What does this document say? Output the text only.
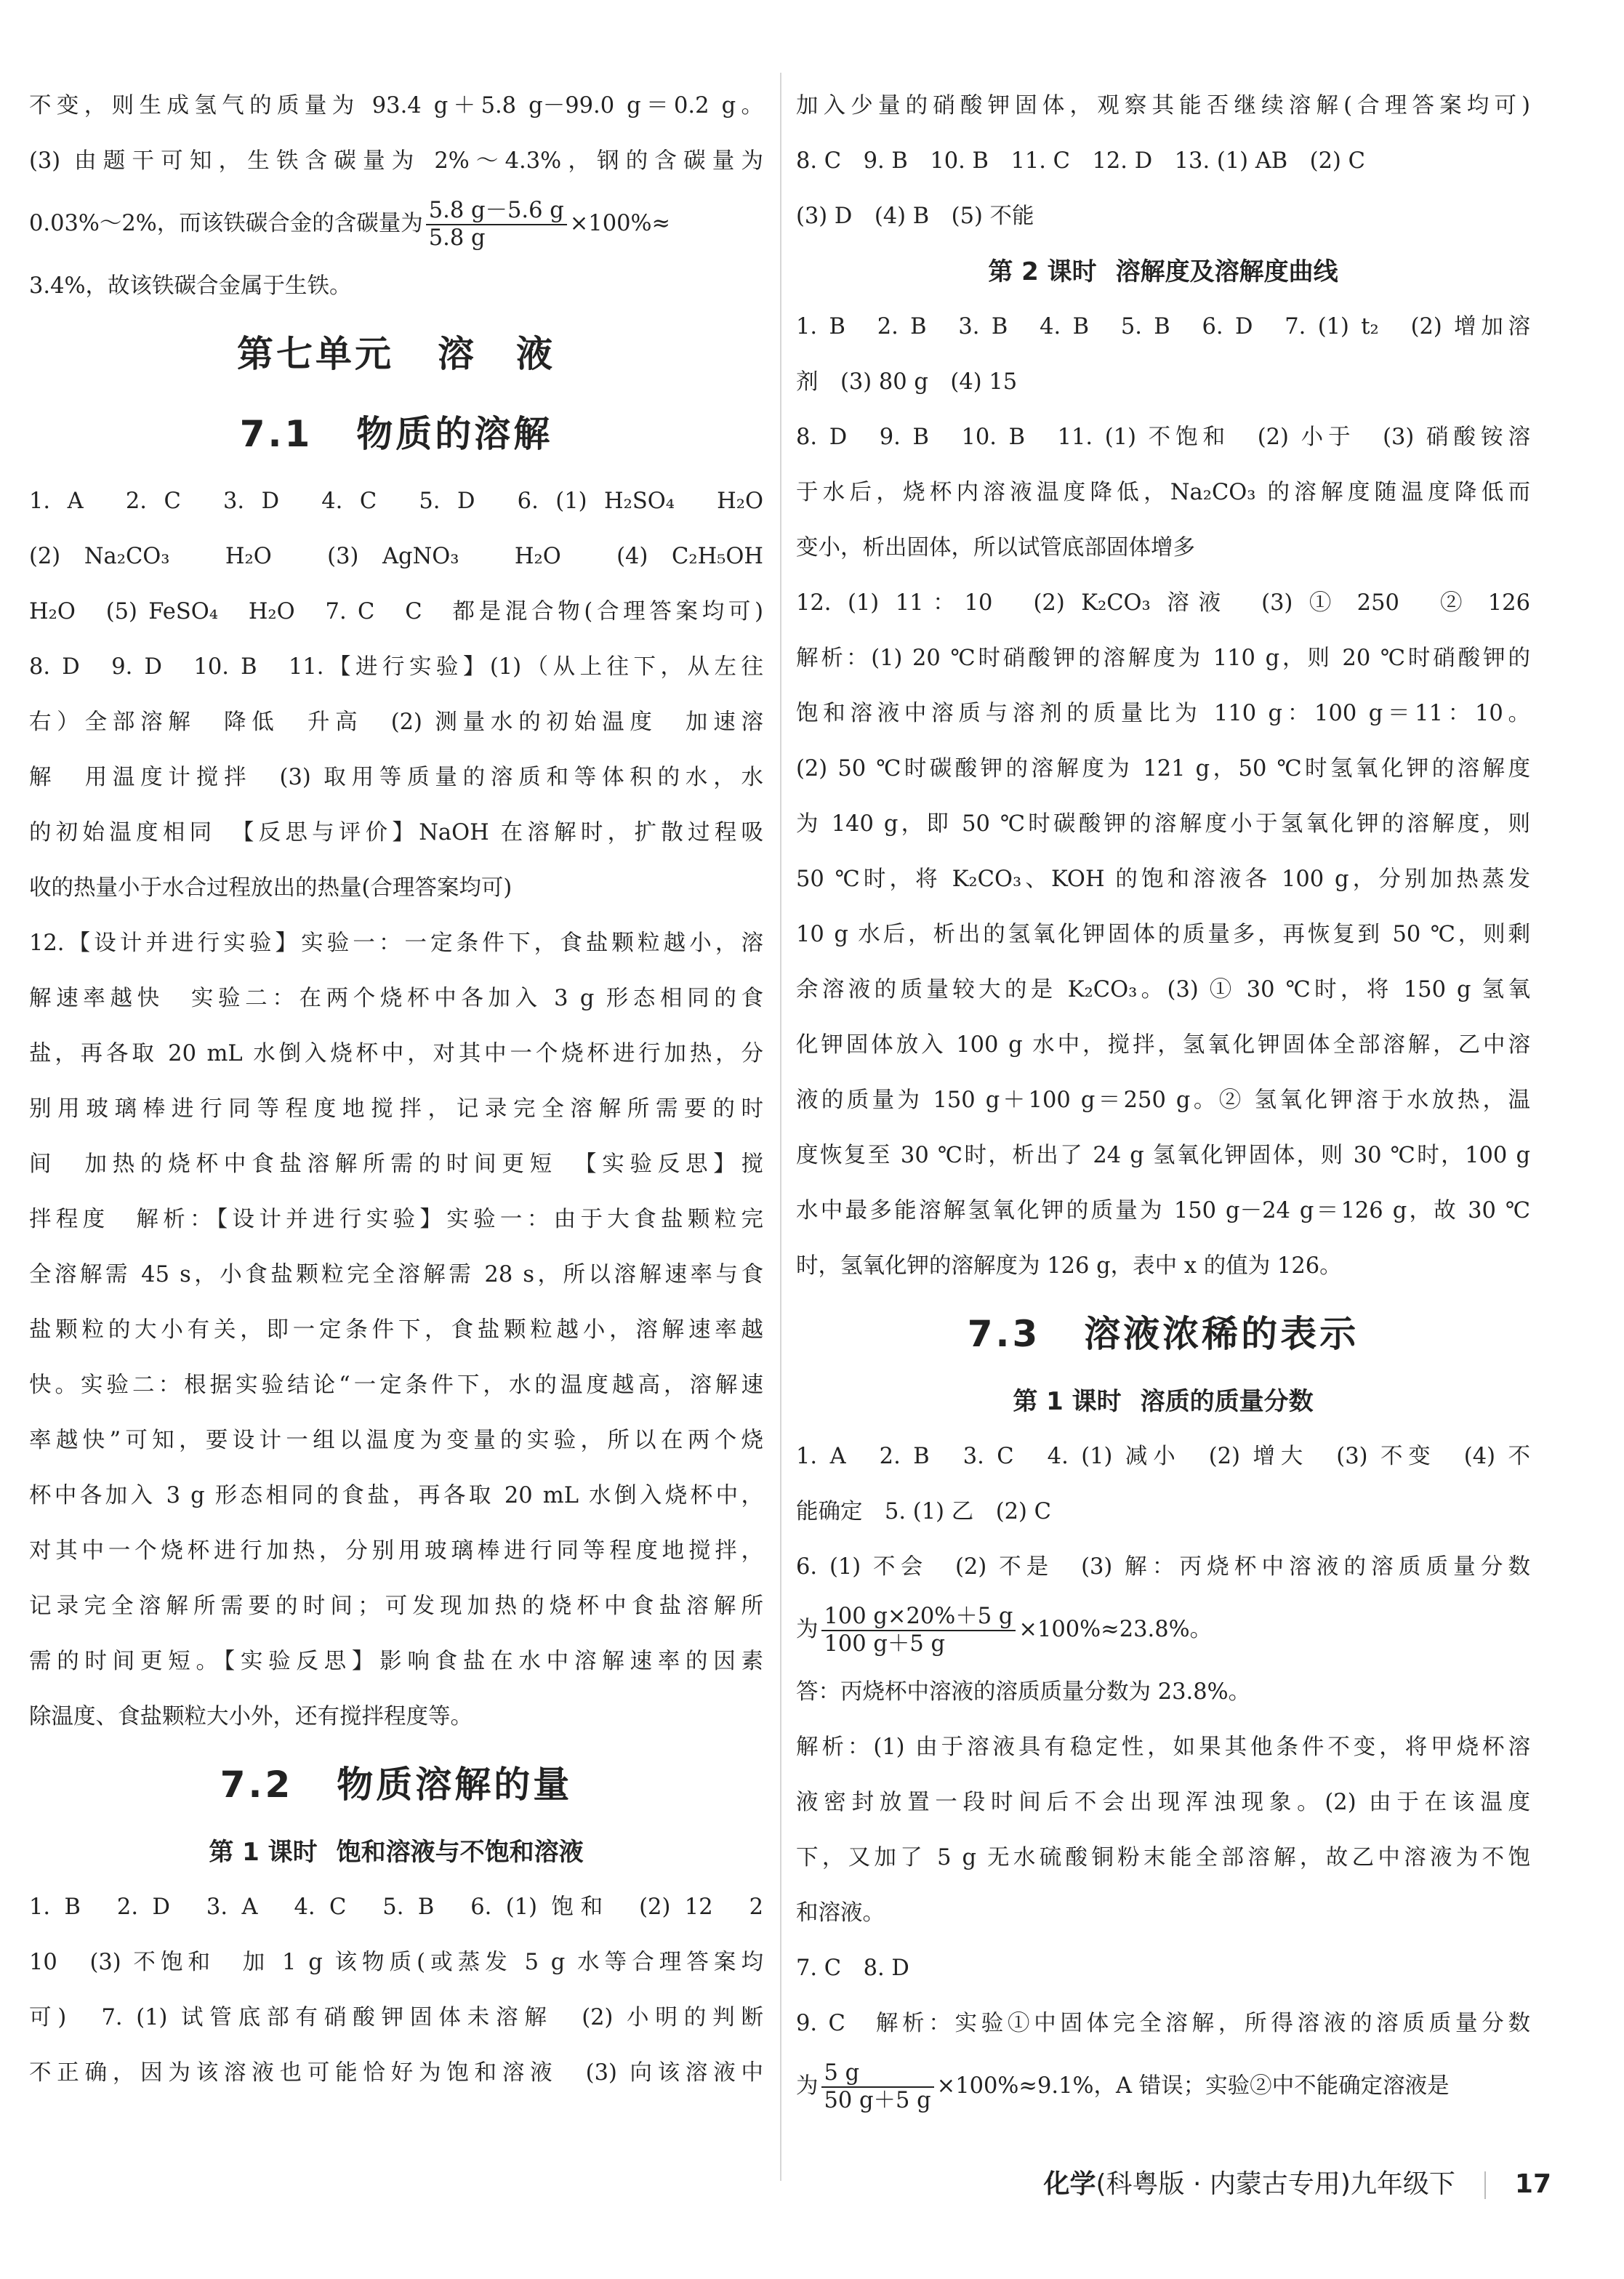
不变，则生成氢气的质量为 93.4 g＋5.8 g－99.0 g＝0.2 g。

(3) 由题干可知，生铁含碳量为 2%～4.3%，钢的含碳量为

0.03%～2%，而该铁碳合金的含碳量为 $\frac{5.8 g-5.6 g}{5.8 g} \times 100\%\approx$

3.4%，故该铁碳合金属于生铁。

第七单元 溶　液
7.1 物质的溶解

1. A　2. C　3. D　4. C　5. D　6. (1) H₂SO₄　H₂O

(2) Na₂CO₃　H₂O　(3) AgNO₃　H₂O　(4) C₂H₅OH

H₂O　(5) FeSO₄　H₂O　7. C　C　都是混合物(合理答案均可)

8. D　9. D　10. B　11.【进行实验】(1)（从上往下，从左往

右）全部溶解　降低　升高　(2) 测量水的初始温度　加速溶

解　用温度计搅拌　(3) 取用等质量的溶质和等体积的水，水

的初始温度相同　【反思与评价】NaOH 在溶解时，扩散过程吸

收的热量小于水合过程放出的热量(合理答案均可)

12.【设计并进行实验】实验一：一定条件下，食盐颗粒越小，溶

解速率越快　实验二：在两个烧杯中各加入 3 g 形态相同的食

盐，再各取 20 mL 水倒入烧杯中，对其中一个烧杯进行加热，分

别用玻璃棒进行同等程度地搅拌，记录完全溶解所需要的时

间　加热的烧杯中食盐溶解所需的时间更短　【实验反思】搅

拌程度　解析：【设计并进行实验】实验一：由于大食盐颗粒完

全溶解需 45 s，小食盐颗粒完全溶解需 28 s，所以溶解速率与食

盐颗粒的大小有关，即一定条件下，食盐颗粒越小，溶解速率越

快。实验二：根据实验结论“一定条件下，水的温度越高，溶解速

率越快”可知，要设计一组以温度为变量的实验，所以在两个烧

杯中各加入 3 g 形态相同的食盐，再各取 20 mL 水倒入烧杯中，

对其中一个烧杯进行加热，分别用玻璃棒进行同等程度地搅拌，

记录完全溶解所需要的时间；可发现加热的烧杯中食盐溶解所

需的时间更短。【实验反思】影响食盐在水中溶解速率的因素

除温度、食盐颗粒大小外，还有搅拌程度等。

7.2 物质溶解的量
第 1 课时 饱和溶液与不饱和溶液

1. B　2. D　3. A　4. C　5. B　6. (1) 饱和　(2) 12　2

10　(3) 不饱和　加 1 g 该物质(或蒸发 5 g 水等合理答案均

可)　7. (1) 试管底部有硝酸钾固体未溶解　(2) 小明的判断

不正确，因为该溶液也可能恰好为饱和溶液　(3) 向该溶液中

加入少量的硝酸钾固体，观察其能否继续溶解(合理答案均可)

8. C　9. B　10. B　11. C　12. D　13. (1) AB　(2) C

(3) D　(4) B　(5) 不能

第 2 课时 溶解度及溶解度曲线

1. B　2. B　3. B　4. B　5. B　6. D　7. (1) t₂　(2) 增加溶

剂　(3) 80 g　(4) 15

8. D　9. B　10. B　11. (1) 不饱和　(2) 小于　(3) 硝酸铵溶

于水后，烧杯内溶液温度降低，Na₂CO₃ 的溶解度随温度降低而

变小，析出固体，所以试管底部固体增多

12. (1) 11：10　(2) K₂CO₃ 溶液　(3) ① 250　② 126

解析：(1) 20 ℃时硝酸钾的溶解度为 110 g，则 20 ℃时硝酸钾的

饱和溶液中溶质与溶剂的质量比为 110 g：100 g＝11：10。

(2) 50 ℃时碳酸钾的溶解度为 121 g，50 ℃时氢氧化钾的溶解度

为 140 g，即 50 ℃时碳酸钾的溶解度小于氢氧化钾的溶解度，则

50 ℃时，将 K₂CO₃、KOH 的饱和溶液各 100 g，分别加热蒸发

10 g 水后，析出的氢氧化钾固体的质量多，再恢复到 50 ℃，则剩

余溶液的质量较大的是 K₂CO₃。(3) ① 30 ℃时，将 150 g 氢氧

化钾固体放入 100 g 水中，搅拌，氢氧化钾固体全部溶解，乙中溶

液的质量为 150 g＋100 g＝250 g。② 氢氧化钾溶于水放热，温

度恢复至 30 ℃时，析出了 24 g 氢氧化钾固体，则 30 ℃时，100 g

水中最多能溶解氢氧化钾的质量为 150 g－24 g＝126 g，故 30 ℃

时，氢氧化钾的溶解度为 126 g，表中 x 的值为 126。

7.3 溶液浓稀的表示
第 1 课时 溶质的质量分数

1. A　2. B　3. C　4. (1) 减小　(2) 增大　(3) 不变　(4) 不

能确定　5. (1) 乙　(2) C

6. (1) 不会　(2) 不是　(3) 解：丙烧杯中溶液的溶质质量分数

为 $\frac{100 g\times 20\%+5 g}{100 g+5 g} \times 100\%\approx 23.8\%$。

答：丙烧杯中溶液的溶质质量分数为 23.8%。

解析：(1) 由于溶液具有稳定性，如果其他条件不变，将甲烧杯溶

液密封放置一段时间后不会出现浑浊现象。(2) 由于在该温度

下，又加了 5 g 无水硫酸铜粉末能全部溶解，故乙中溶液为不饱

和溶液。

7. C　8. D

9. C　解析：实验①中固体完全溶解，所得溶液的溶质质量分数

为 $\frac{5 g}{50 g+5 g} \times 100\%\approx 9.1\%$，A 错误；实验②中不能确定溶液是

化学(科粤版 · 内蒙古专用)九年级下 17
